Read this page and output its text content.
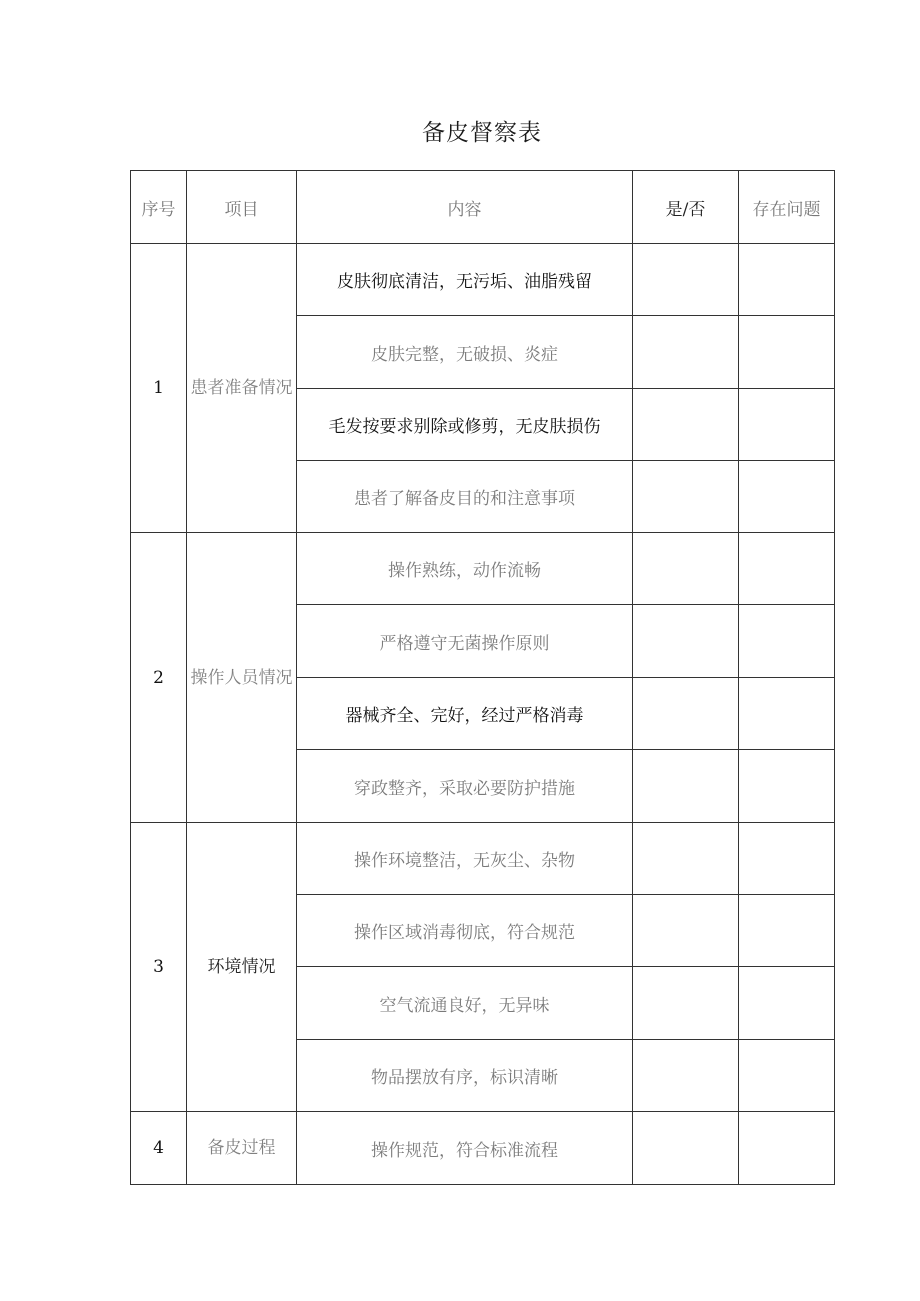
备皮督察表
序号	项目	内容	是/否	存在问题
1	患者准备情况	皮肤彻底清洁，无污垢、油脂残留		
		皮肤完整，无破损、炎症		
		毛发按要求别除或修剪，无皮肤损伤		
		患者了解备皮目的和注意事项		
2	操作人员情况	操作熟练，动作流畅		
		严格遵守无菌操作原则		
		器械齐全、完好，经过严格消毒		
		穿政整齐，采取必要防护措施		
3	环境情况	操作环境整洁，无灰尘、杂物		
		操作区域消毒彻底，符合规范		
		空气流通良好，无异味		
		物品摆放有序，标识清晰		
4	备皮过程	操作规范，符合标准流程		
